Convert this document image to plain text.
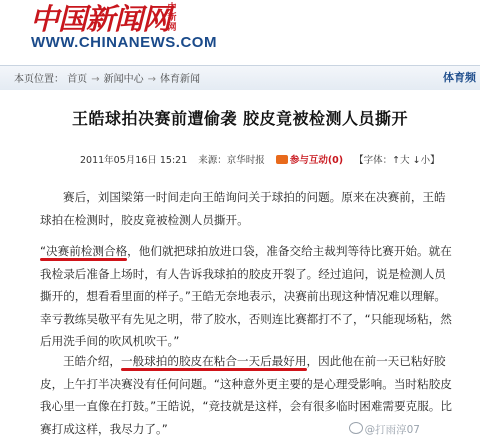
中国新闻网
中新网
WWW.CHINANEWS.COM
本页位置： 首页 → 新闻中心 → 体育新闻	体育频
王皓球拍决赛前遭偷袭 胶皮竟被检测人员撕开
2011年05月16日 15:21 来源：京华时报	参与互动(0) 【字体：↑大 ↓小】
赛后，刘国梁第一时间走向王皓询问关于球拍的问题。原来在决赛前，王皓球拍在检测时，胶皮竟被检测人员撕开。
“决赛前检测合格，他们就把球拍放进口袋，准备交给主裁判等待比赛开始。就在我检录后准备上场时，有人告诉我球拍的胶皮开裂了。经过追问，说是检测人员撕开的，想看看里面的样子。”王皓无奈地表示，决赛前出现这种情况难以理解。幸亏教练吴敬平有先见之明，带了胶水，否则连比赛都打不了，“只能现场粘，然后用洗手间的吹风机吹干。”
王皓介绍，一般球拍的胶皮在粘合一天后最好用，因此他在前一天已粘好胶皮，上午打半决赛没有任何问题。“这种意外更主要的是心理受影响。当时粘胶皮我心里一直像在打鼓。”王皓说，“竞技就是这样，会有很多临时困难需要克服。比赛打成这样，我尽力了。”	@打雨淳07
